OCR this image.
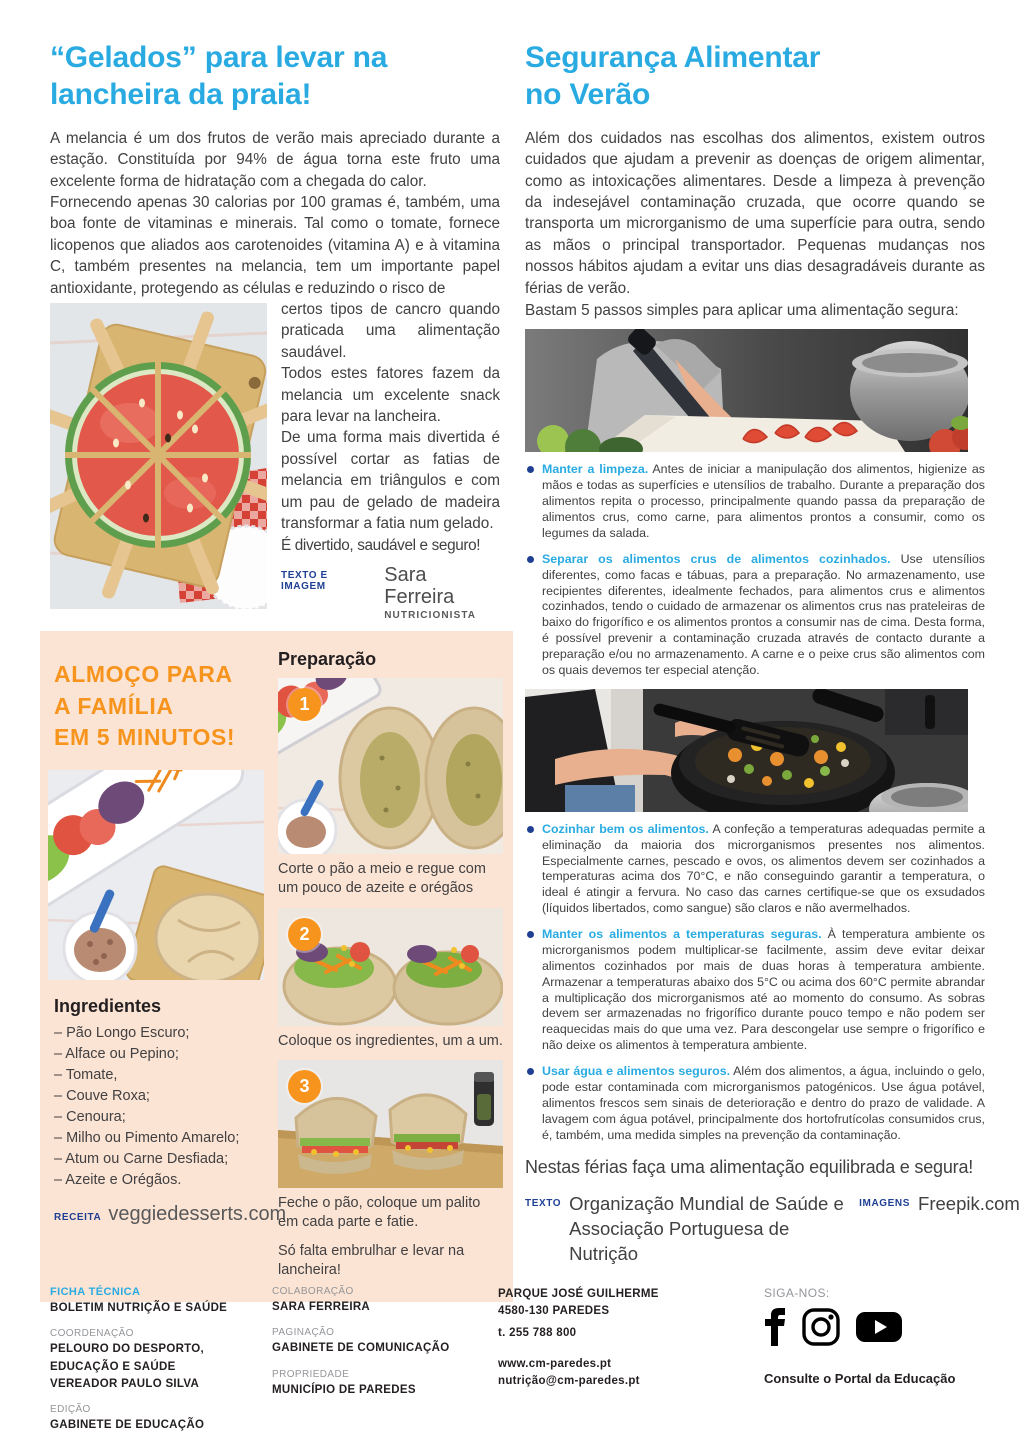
“Gelados” para levar na
lancheira da praia!

A melancia é um dos frutos de verão mais apreciado durante a estação. Constituída por 94% de água torna este fruto uma excelente forma de hidratação com a chegada do calor.

Fornecendo apenas 30 calorias por 100 gramas é, também, uma boa fonte de vitaminas e minerais. Tal como o tomate, fornece licopenos que aliados aos carotenoides (vitamina A) e à vitamina C, também presentes na melancia, tem um importante papel antioxidante, protegendo as células e reduzindo o risco de

certos tipos de cancro quando praticada uma alimentação saudável.

Todos estes fatores fazem da melancia um excelente snack para levar na lancheira.

De uma forma mais divertida é possível cortar as fatias de melancia em triângulos e com um pau de gelado de madeira transformar a fatia num gelado.

É divertido, saudável e seguro!

TEXTO E IMAGEM
Sara Ferreira
NUTRICIONISTA
ALMOÇO PARA
A FAMÍLIA
EM 5 MINUTOS!
Ingredientes
– Pão Longo Escuro;
– Alface ou Pepino;
– Tomate,
– Couve Roxa;
– Cenoura;
– Milho ou Pimento Amarelo;
– Atum ou Carne Desfiada;
– Azeite e Orégãos.
RECEITA veggiedesserts.com
Preparação
1
Corte o pão a meio e regue com um pouco de azeite e orégãos
2
Coloque os ingredientes, um a um.
3
Feche o pão, coloque um palito em cada parte e fatie.
Só falta embrulhar e levar na lancheira!
Segurança Alimentar
no Verão

Além dos cuidados nas escolhas dos alimentos, existem outros cuidados que ajudam a prevenir as doenças de origem alimentar, como as intoxicações alimentares. Desde a limpeza à prevenção da indesejável contaminação cruzada, que ocorre quando se transporta um microrganismo de uma superfície para outra, sendo as mãos o principal transportador. Pequenas mudanças nos nossos hábitos ajudam a evitar uns dias desagradáveis durante as férias de verão.

Bastam 5 passos simples para aplicar uma alimentação segura:

Manter a limpeza. Antes de iniciar a manipulação dos alimentos, higienize as mãos e todas as superfícies e utensílios de trabalho. Durante a preparação dos alimentos repita o processo, principalmente quando passa da preparação de alimentos crus, como carne, para alimentos prontos a consumir, como os legumes da salada.
Separar os alimentos crus de alimentos cozinhados. Use utensílios diferentes, como facas e tábuas, para a preparação. No armazenamento, use recipientes diferentes, idealmente fechados, para alimentos crus e alimentos cozinhados, tendo o cuidado de armazenar os alimentos crus nas prateleiras de baixo do frigorífico e os alimentos prontos a consumir nas de cima. Desta forma, é possível prevenir a contaminação cruzada através de contacto durante a preparação e/ou no armazenamento. A carne e o peixe crus são alimentos com os quais devemos ter especial atenção.
Cozinhar bem os alimentos. A confeção a temperaturas adequadas permite a eliminação da maioria dos microrganismos presentes nos alimentos. Especialmente carnes, pescado e ovos, os alimentos devem ser cozinhados a temperaturas acima dos 70°C, e não conseguindo garantir a temperatura, o ideal é atingir a fervura. No caso das carnes certifique-se que os exsudados (líquidos libertados, como sangue) são claros e não avermelhados.
Manter os alimentos a temperaturas seguras. À temperatura ambiente os microrganismos podem multiplicar-se facilmente, assim deve evitar deixar alimentos cozinhados por mais de duas horas à temperatura ambiente. Armazenar a temperaturas abaixo dos 5°C ou acima dos 60°C permite abrandar a multiplicação dos microrganismos até ao momento do consumo. As sobras devem ser armazenadas no frigorífico durante pouco tempo e não podem ser reaquecidas mais do que uma vez. Para descongelar use sempre o frigorífico e não deixe os alimentos à temperatura ambiente.
Usar água e alimentos seguros. Além dos alimentos, a água, incluindo o gelo, pode estar contaminada com microrganismos patogénicos. Use água potável, alimentos frescos sem sinais de deterioração e dentro do prazo de validade. A lavagem com água potável, principalmente dos hortofrutícolas consumidos crus, é, também, uma medida simples na prevenção da contaminação.
Nestas férias faça uma alimentação equilibrada e segura!
TEXTO Organização Mundial de Saúde e Associação Portuguesa de Nutrição
IMAGENS Freepik.com
FICHA TÉCNICA
BOLETIM NUTRIÇÃO E SAÚDE
COORDENAÇÃO
PELOURO DO DESPORTO,
EDUCAÇÃO E SAÚDE
VEREADOR PAULO SILVA
EDIÇÃO
GABINETE DE EDUCAÇÃO
COLABORAÇÃO
SARA FERREIRA
PAGINAÇÃO
GABINETE DE COMUNICAÇÃO
PROPRIEDADE
MUNICÍPIO DE PAREDES
PARQUE JOSÉ GUILHERME
4580-130 PAREDES
t. 255 788 800
www.cm-paredes.pt
nutrição@cm-paredes.pt
SIGA-NOS:
Consulte o Portal da Educação
